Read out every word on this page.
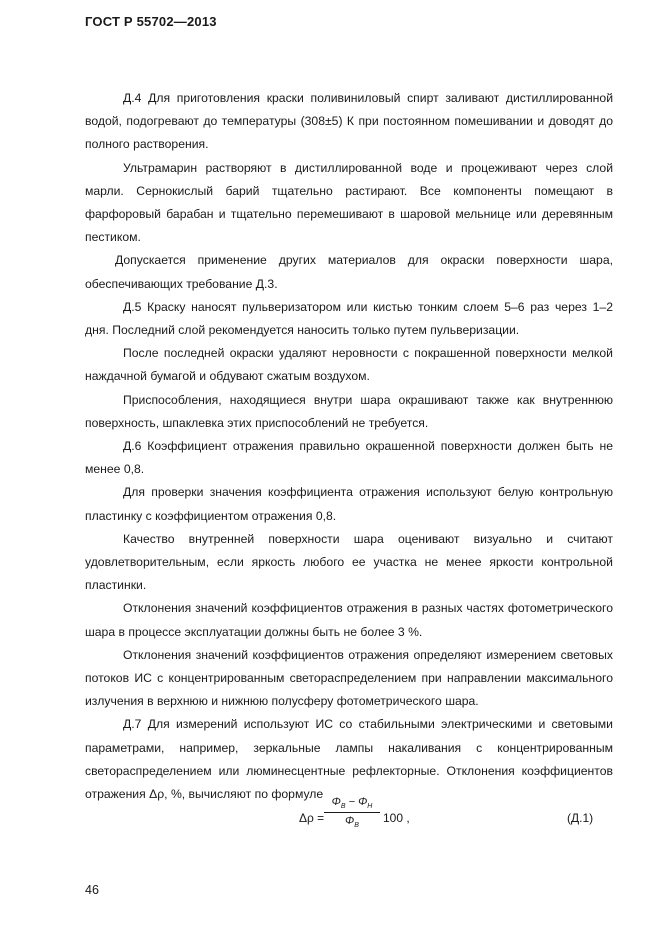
ГОСТ Р 55702—2013

Д.4 Для приготовления краски поливиниловый спирт заливают дистиллированной водой, подогревают до температуры (308±5) К при постоянном помешивании и доводят до полного растворения.

Ультрамарин растворяют в дистиллированной воде и процеживают через слой марли. Сернокислый барий тщательно растирают. Все компоненты помещают в фарфоровый барабан и тщательно перемешивают в шаровой мельнице или деревянным пестиком.

Допускается применение других материалов для окраски поверхности шара, обеспечивающих требование Д.3.

Д.5 Краску наносят пульверизатором или кистью тонким слоем 5–6 раз через 1–2 дня. Последний слой рекомендуется наносить только путем пульверизации.

После последней окраски удаляют неровности с покрашенной поверхности мелкой наждачной бумагой и обдувают сжатым воздухом.

Приспособления, находящиеся внутри шара окрашивают также как внутреннюю поверхность, шпаклевка этих приспособлений не требуется.

Д.6 Коэффициент отражения правильно окрашенной поверхности должен быть не менее 0,8.

Для проверки значения коэффициента отражения используют белую контрольную пластинку с коэффициентом отражения 0,8.

Качество внутренней поверхности шара оценивают визуально и считают удовлетворительным, если яркость любого ее участка не менее яркости контрольной пластинки.

Отклонения значений коэффициентов отражения в разных частях фотометрического шара в процессе эксплуатации должны быть не более 3 %.

Отклонения значений коэффициентов отражения определяют измерением световых потоков ИС с концентрированным светораспределением при направлении максимального излучения в верхнюю и нижнюю полусферу фотометрического шара.

Д.7 Для измерений используют ИС со стабильными электрическими и световыми параметрами, например, зеркальные лампы накаливания с концентрированным светораспределением или люминесцентные рефлекторные. Отклонения коэффициентов отражения Δρ, %, вычисляют по формуле

Δρ =
$\Phi_В - \Phi_Н$
$\Phi_В$
100 ,	(Д.1)
46
